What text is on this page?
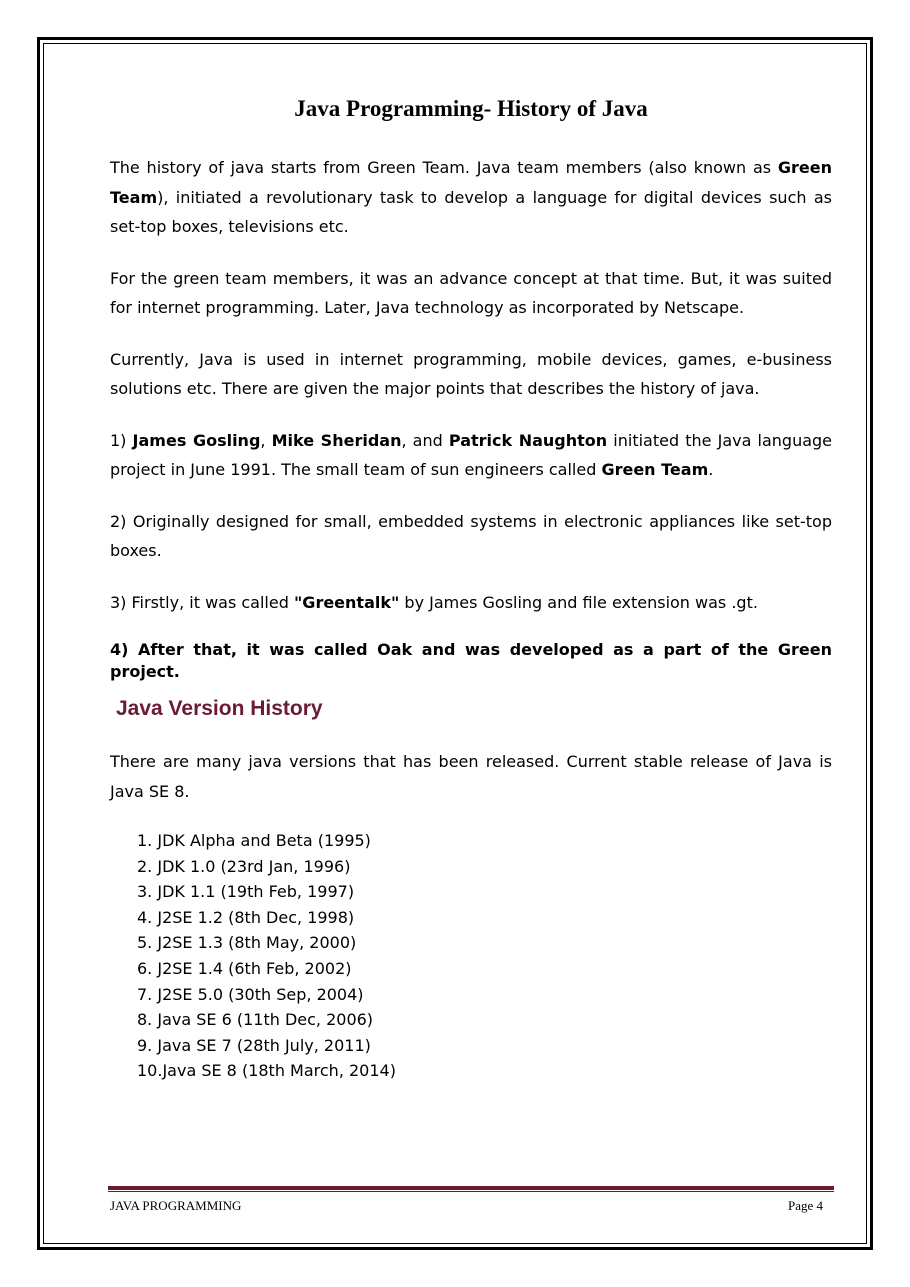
Java Programming- History of Java

The history of java starts from Green Team. Java team members (also known as Green Team), initiated a revolutionary task to develop a language for digital devices such as set-top boxes, televisions etc.

For the green team members, it was an advance concept at that time. But, it was suited for internet programming. Later, Java technology as incorporated by Netscape.

Currently, Java is used in internet programming, mobile devices, games, e-business solutions etc. There are given the major points that describes the history of java.

1) James Gosling, Mike Sheridan, and Patrick Naughton initiated the Java language project in June 1991. The small team of sun engineers called Green Team.

2) Originally designed for small, embedded systems in electronic appliances like set-top boxes.

3) Firstly, it was called "Greentalk" by James Gosling and file extension was .gt.

4) After that, it was called Oak and was developed as a part of the Green project.

Java Version History

There are many java versions that has been released. Current stable release of Java is Java SE 8.

1. JDK Alpha and Beta (1995)
2. JDK 1.0 (23rd Jan, 1996)
3. JDK 1.1 (19th Feb, 1997)
4. J2SE 1.2 (8th Dec, 1998)
5. J2SE 1.3 (8th May, 2000)
6. J2SE 1.4 (6th Feb, 2002)
7. J2SE 5.0 (30th Sep, 2004)
8. Java SE 6 (11th Dec, 2006)
9. Java SE 7 (28th July, 2011)
10.Java SE 8 (18th March, 2014)
JAVA PROGRAMMING	Page 4
